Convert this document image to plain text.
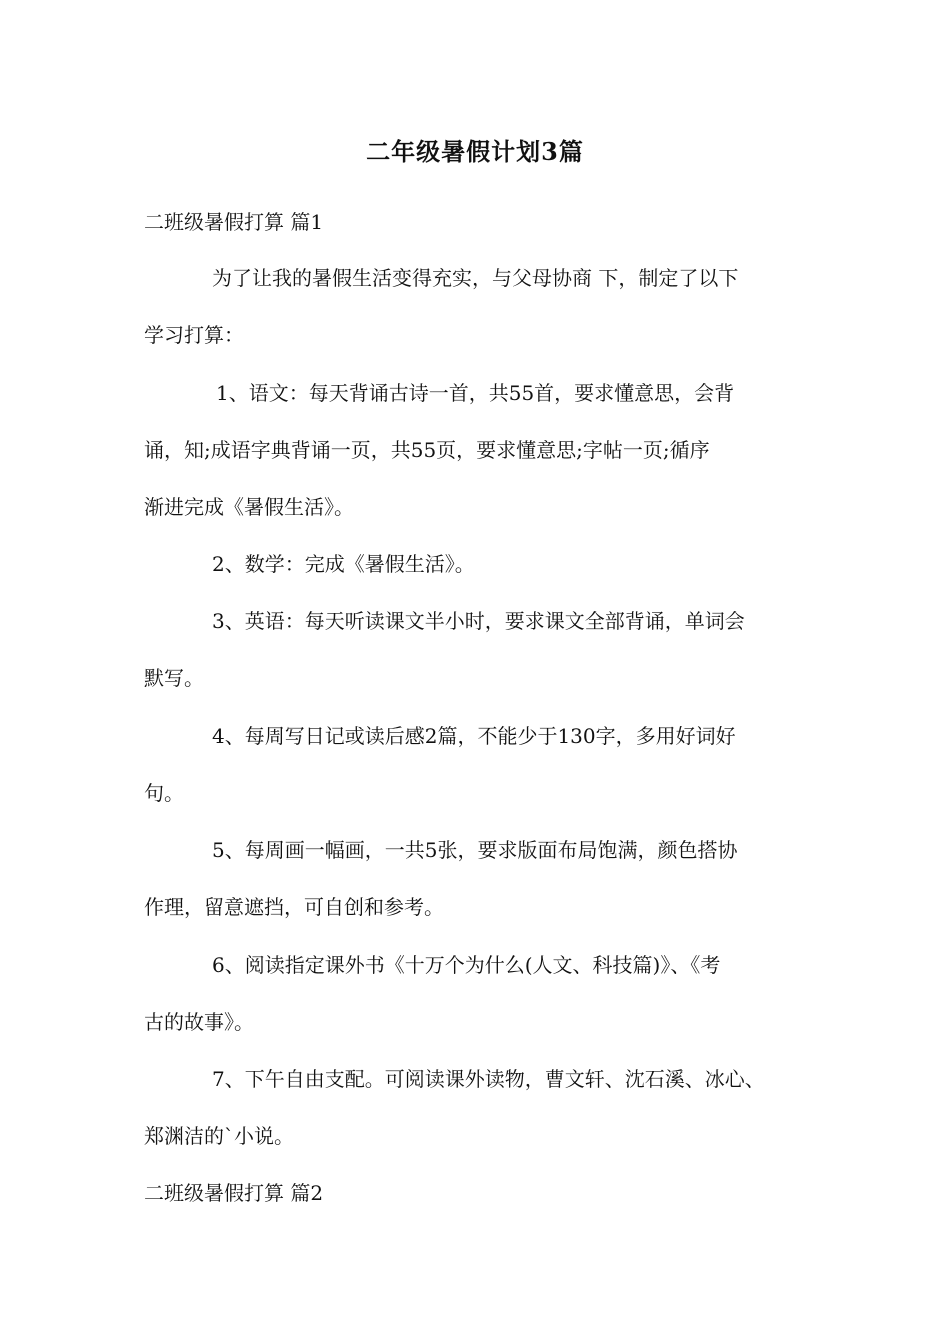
二年级暑假计划3篇
二班级暑假打算 篇1
为了让我的暑假生活变得充实，与父母协商 下，制定了以下
学习打算：
1、语文：每天背诵古诗一首，共55首，要求懂意思，会背
诵，知;成语字典背诵一页，共55页，要求懂意思;字帖一页;循序
渐进完成《暑假生活》。
2、数学：完成《暑假生活》。
3、英语：每天听读课文半小时，要求课文全部背诵，单词会
默写。
4、每周写日记或读后感2篇，不能少于130字，多用好词好
句。
5、每周画一幅画，一共5张，要求版面布局饱满，颜色搭协
作理，留意遮挡，可自创和参考。
6、阅读指定课外书《十万个为什么(人文、科技篇)》、《考
古的故事》。
7、下午自由支配。可阅读课外读物，曹文轩、沈石溪、冰心、
郑渊洁的`小说。
二班级暑假打算 篇2
